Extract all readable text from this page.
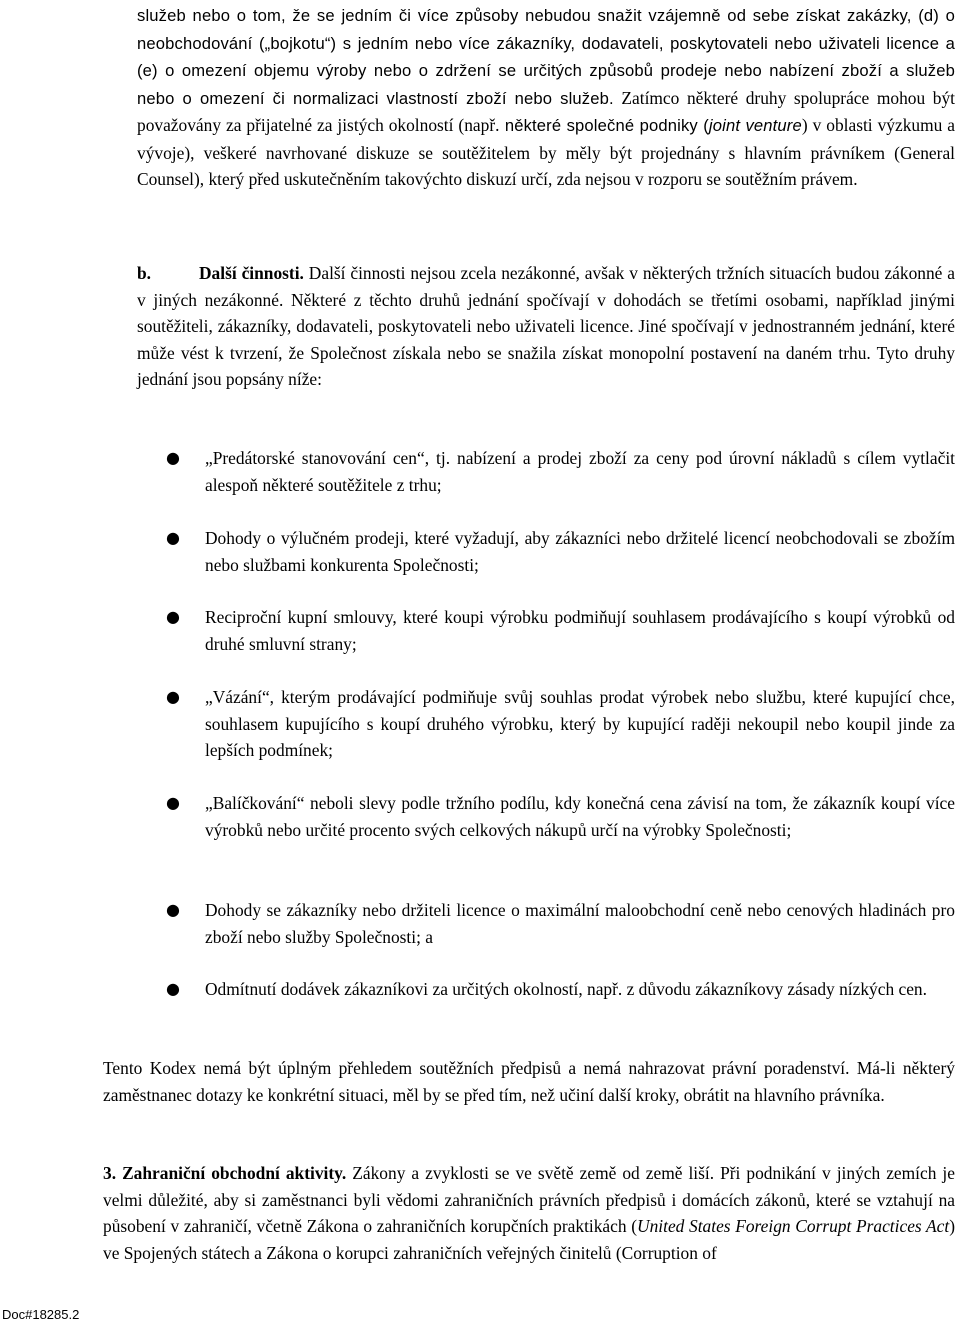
služeb nebo o tom, že se jedním či více způsoby nebudou snažit vzájemně od sebe získat zakázky, (d) o neobchodování („bojkotu“) s jedním nebo více zákazníky, dodavateli, poskytovateli nebo uživateli licence a (e) o omezení objemu výroby nebo o zdržení se určitých způsobů prodeje nebo nabízení zboží a služeb nebo o omezení či normalizaci vlastností zboží nebo služeb. Zatímco některé druhy spolupráce mohou být považovány za přijatelné za jistých okolností (např. některé společné podniky (joint venture) v oblasti výzkumu a vývoje), veškeré navrhované diskuze se soutěžitelem by měly být projednány s hlavním právníkem (General Counsel), který před uskutečněním takovýchto diskuzí určí, zda nejsou v rozporu se soutěžním právem.
b.	Další činnosti. Další činnosti nejsou zcela nezákonné, avšak v některých tržních situacích budou zákonné a v jiných nezákonné. Některé z těchto druhů jednání spočívají v dohodách se třetími osobami, například jinými soutěžiteli, zákazníky, dodavateli, poskytovateli nebo uživateli licence. Jiné spočívají v jednostranném jednání, které může vést k tvrzení, že Společnost získala nebo se snažila získat monopolní postavení na daném trhu. Tyto druhy jednání jsou popsány níže:
● „Predátorské stanovování cen“, tj. nabízení a prodej zboží za ceny pod úrovní nákladů s cílem vytlačit alespoň některé soutěžitele z trhu;
● Dohody o výlučném prodeji, které vyžadují, aby zákazníci nebo držitelé licencí neobchodovali se zbožím nebo službami konkurenta Společnosti;
● Reciproční kupní smlouvy, které koupi výrobku podmiňují souhlasem prodávajícího s koupí výrobků od druhé smluvní strany;
● „Vázání“, kterým prodávající podmiňuje svůj souhlas prodat výrobek nebo službu, které kupující chce, souhlasem kupujícího s koupí druhého výrobku, který by kupující raději nekoupil nebo koupil jinde za lepších podmínek;
● „Balíčkování“ neboli slevy podle tržního podílu, kdy konečná cena závisí na tom, že zákazník koupí více výrobků nebo určité procento svých celkových nákupů určí na výrobky Společnosti;
● Dohody se zákazníky nebo držiteli licence o maximální maloobchodní ceně nebo cenových hladinách pro zboží nebo služby Společnosti; a
● Odmítnutí dodávek zákazníkovi za určitých okolností, např. z důvodu zákazníkovy zásady nízkých cen.
Tento Kodex nemá být úplným přehledem soutěžních předpisů a nemá nahrazovat právní poradenství. Má-li některý zaměstnanec dotazy ke konkrétní situaci, měl by se před tím, než učiní další kroky, obrátit na hlavního právníka.
3. Zahraniční obchodní aktivity. Zákony a zvyklosti se ve světě země od země liší. Při podnikání v jiných zemích je velmi důležité, aby si zaměstnanci byli vědomi zahraničních právních předpisů i domácích zákonů, které se vztahují na působení v zahraničí, včetně Zákona o zahraničních korupčních praktikách (United States Foreign Corrupt Practices Act) ve Spojených státech a Zákona o korupci zahraničních veřejných činitelů (Corruption of
Doc#18285.2
